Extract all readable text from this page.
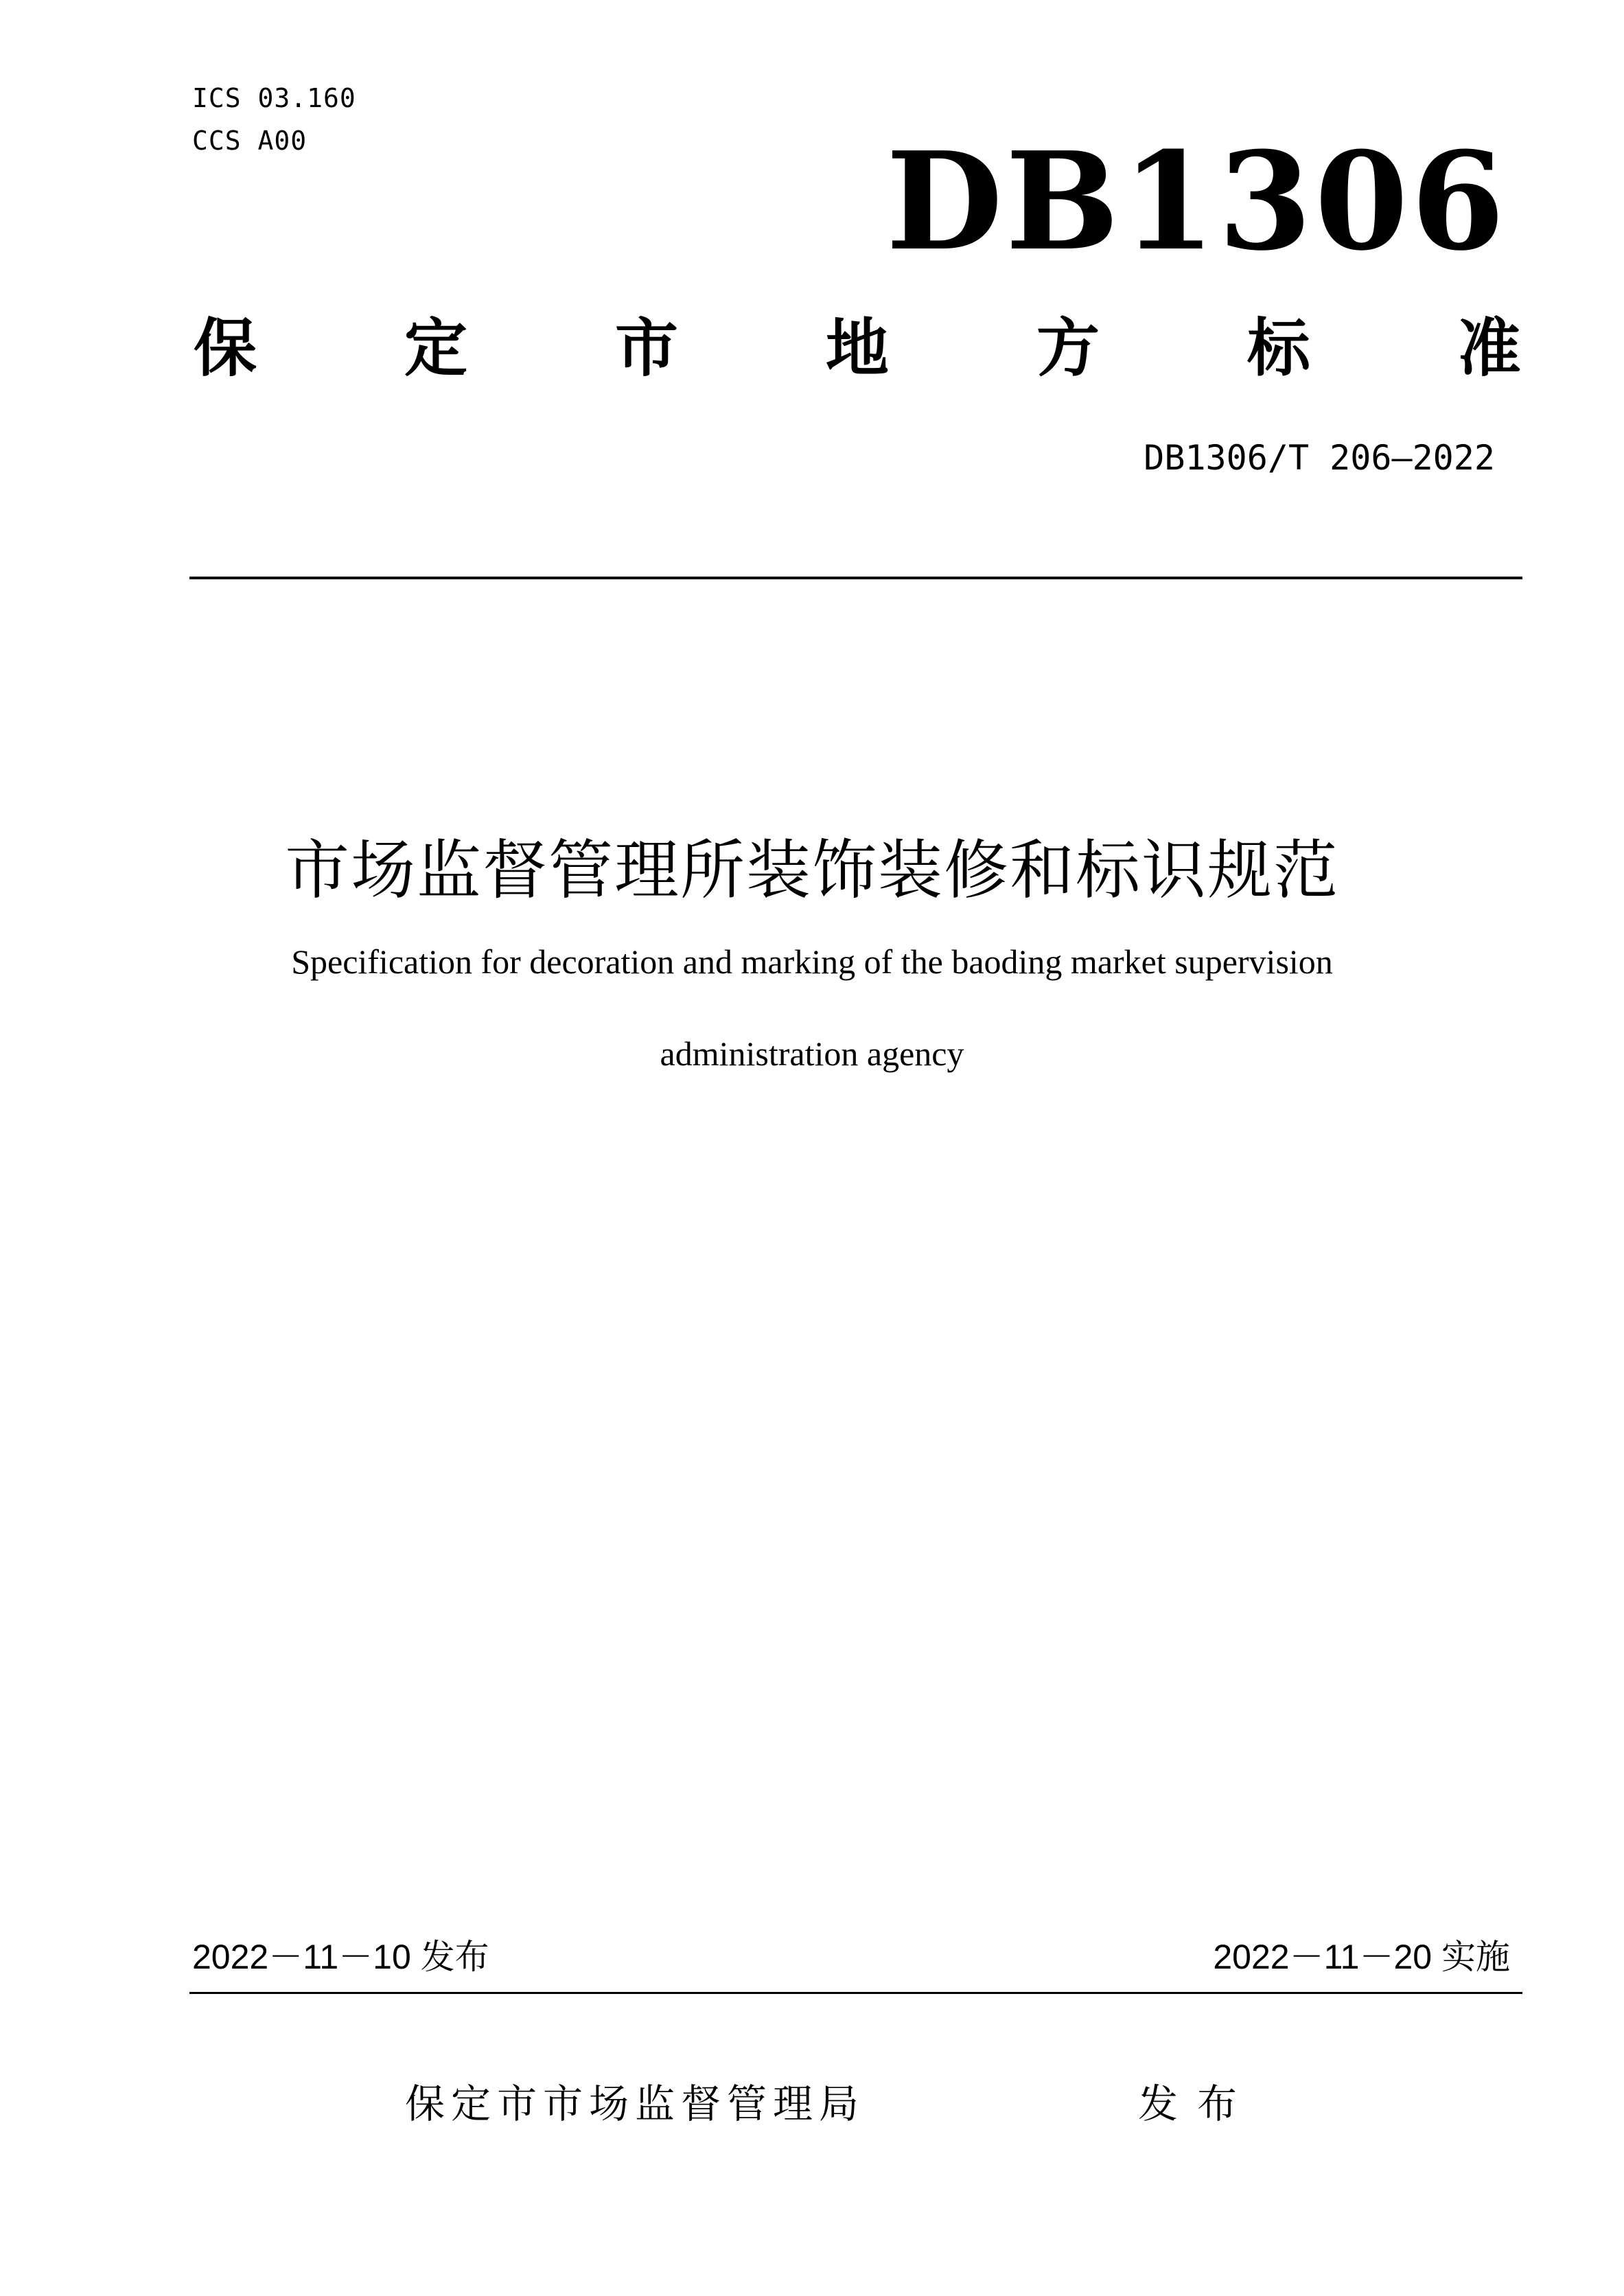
ICS 03.160
CCS A00	DB1306
保 定 市 地 方 标 准
DB1306/T 206—2022
市场监督管理所装饰装修和标识规范
Specification for decoration and marking of the baoding market supervision
administration agency
2022－11－10 发布	2022－11－20 实施
保定市市场监督管理局	发布
